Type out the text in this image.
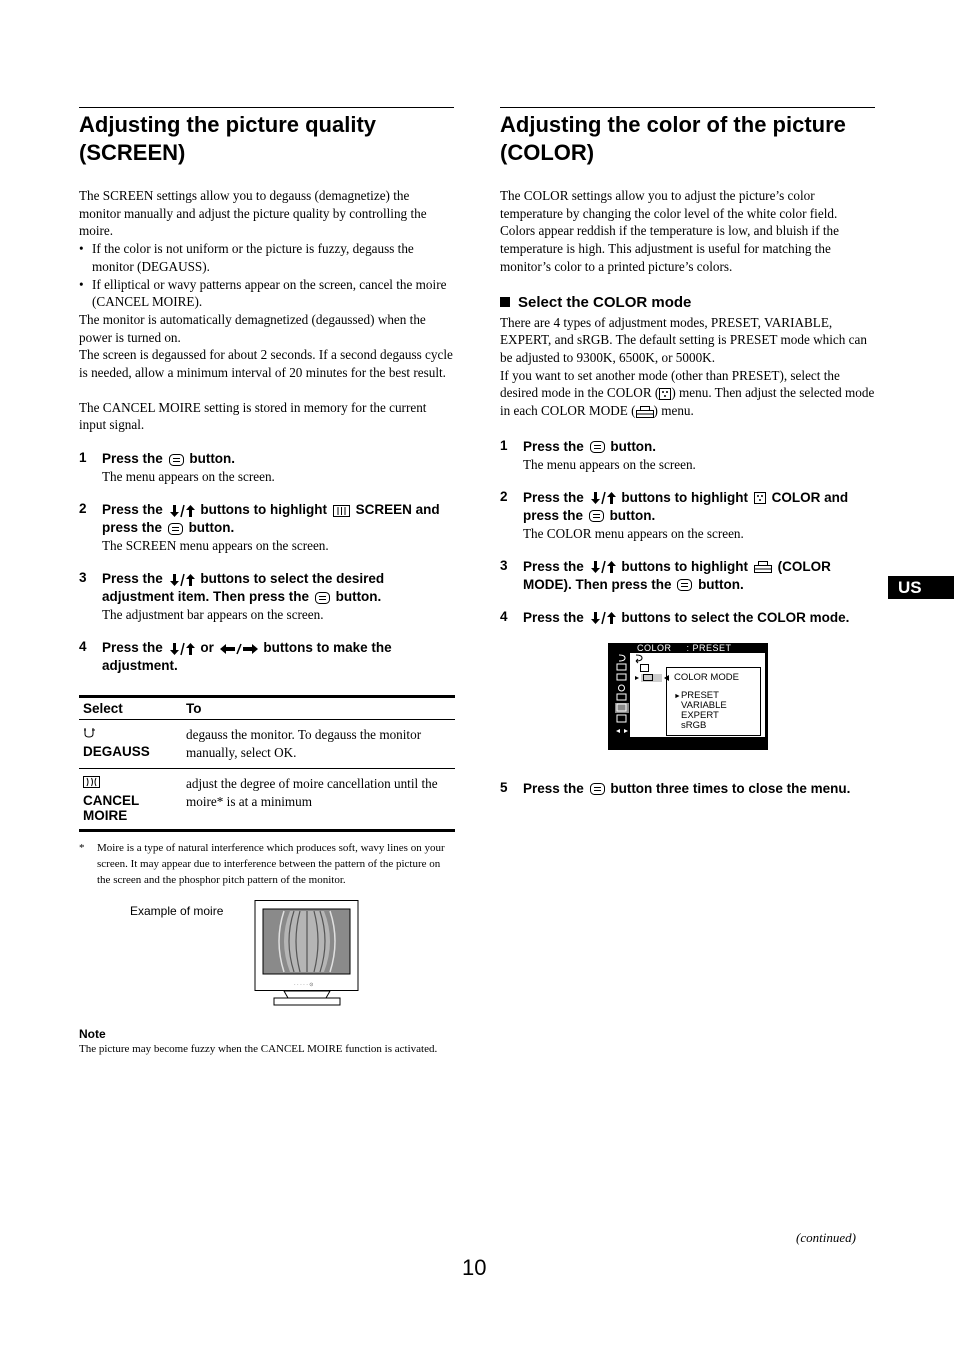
Adjusting the picture quality (SCREEN)

The SCREEN settings allow you to degauss (demagnetize) the monitor manually and adjust the picture quality by controlling the moire.

• If the color is not uniform or the picture is fuzzy, degauss the monitor (DEGAUSS).

• If elliptical or wavy patterns appear on the screen, cancel the moire (CANCEL MOIRE).

The monitor is automatically demagnetized (degaussed) when the power is turned on.

The screen is degaussed for about 2 seconds. If a second degauss cycle is needed, allow a minimum interval of 20 minutes for the best result.

The CANCEL MOIRE setting is stored in memory for the current input signal.

1 Press the button.
The menu appears on the screen.
2 Press the	buttons to highlight SCREEN and press the button.
The SCREEN menu appears on the screen.
3 Press the	buttons to select the desired adjustment item. Then press the button.
The adjustment bar appears on the screen.
4 Press the	or	buttons to make the adjustment.
Select	To

DEGAUSS	degauss the monitor. To degauss the monitor manually, select OK.

CANCEL MOIRE	adjust the degree of moire cancellation until the moire* is at a minimum
* Moire is a type of natural interference which produces soft, wavy lines on your screen. It may appear due to interference between the pattern of the picture on the screen and the phosphor pitch pattern of the monitor.
Example of moire
· · · · · ⊙
Note
The picture may become fuzzy when the CANCEL MOIRE function is activated.
Adjusting the color of the picture (COLOR)

The COLOR settings allow you to adjust the picture’s color temperature by changing the color level of the white color field. Colors appear reddish if the temperature is low, and bluish if the temperature is high. This adjustment is useful for matching the monitor’s color to a printed picture’s colors.

Select the COLOR mode

There are 4 types of adjustment modes, PRESET, VARIABLE, EXPERT, and sRGB. The default setting is PRESET mode which can be adjusted to 9300K, 6500K, or 5000K.

If you want to set another mode (other than PRESET), select the desired mode in the COLOR ( ) menu. Then adjust the selected mode in each COLOR MODE ( ) menu.

1 Press the button.
The menu appears on the screen.
2 Press the	buttons to highlight COLOR and press the button.
The COLOR menu appears on the screen.
3 Press the	buttons to highlight (COLOR MODE). Then press the button.
4 Press the	buttons to select the COLOR mode.
COLOR : PRESET
COLOR MODE
►PRESET
VARIABLE
EXPERT
sRGB
1280x1024 / 85Hz
5 Press the button three times to close the menu.
US
(continued)
10
